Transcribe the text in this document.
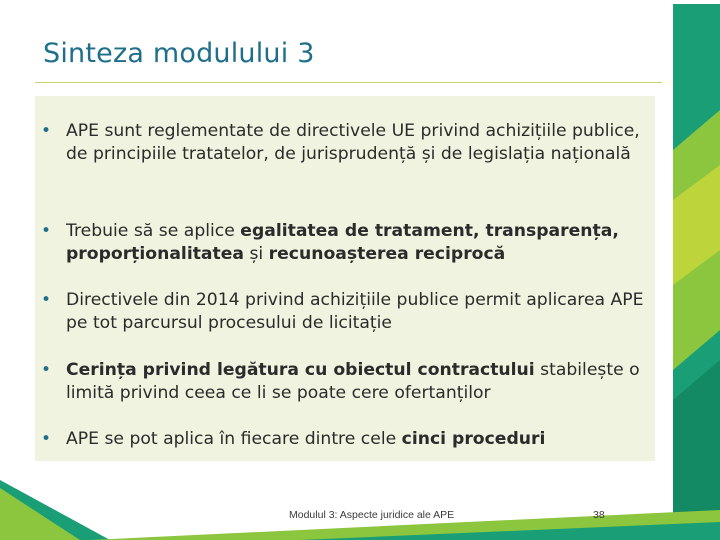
Sinteza modulului 3
• APE sunt reglementate de directivele UE privind achizițiile publice, de principiile tratatelor, de jurisprudență și de legislația națională
• Trebuie să se aplice egalitatea de tratament, transparența, proporționalitatea și recunoașterea reciprocă
• Directivele din 2014 privind achizițiile publice permit aplicarea APE pe tot parcursul procesului de licitație
• Cerința privind legătura cu obiectul contractului stabilește o limită privind ceea ce li se poate cere ofertanților
• APE se pot aplica în fiecare dintre cele cinci proceduri
Modulul 3: Aspecte juridice ale APE	38
